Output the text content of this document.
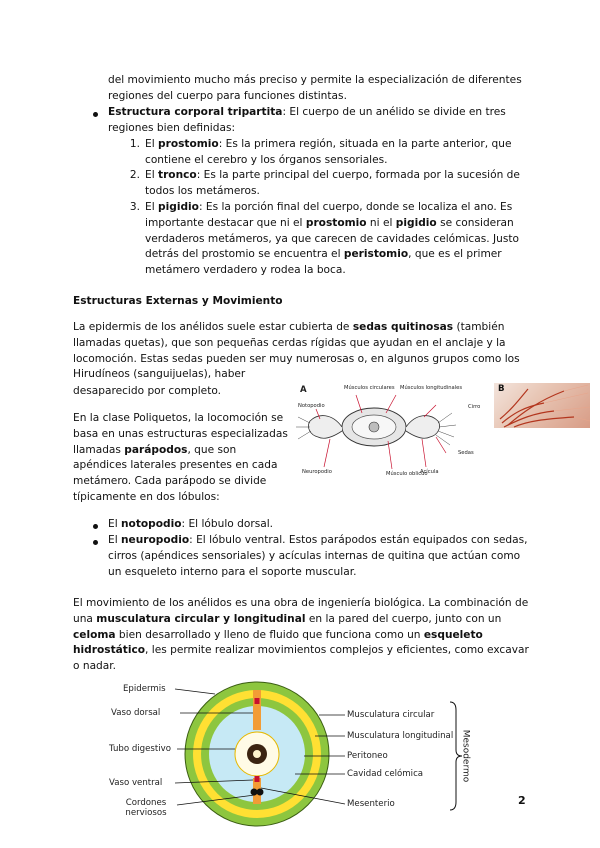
del movimiento mucho más preciso y permite la especialización de diferentes regiones del cuerpo para funciones distintas.

Estructura corporal tripartita: El cuerpo de un anélido se divide en tres regiones bien definidas:

1. El prostomio: Es la primera región, situada en la parte anterior, que contiene el cerebro y los órganos sensoriales.

2. El tronco: Es la parte principal del cuerpo, formada por la sucesión de todos los metámeros.

3. El pigidio: Es la porción final del cuerpo, donde se localiza el ano. Es importante destacar que ni el prostomio ni el pigidio se consideran verdaderos metámeros, ya que carecen de cavidades celómicas. Justo detrás del prostomio se encuentra el peristomio, que es el primer metámero verdadero y rodea la boca.

Estructuras Externas y Movimiento

La epidermis de los anélidos suele estar cubierta de sedas quitinosas (también llamadas quetas), que son pequeñas cerdas rígidas que ayudan en el anclaje y la locomoción. Estas sedas pueden ser muy numerosas o, en algunos grupos como los Hirudíneos (sanguijuelas), haber

desaparecido por completo.

En la clase Poliquetos, la locomoción se basa en unas estructuras especializadas llamadas parápodos, que son apéndices laterales presentes en cada metámero. Cada parápodo se divide típicamente en dos lóbulos:

A	Músculos circulares Músculos longitudinales
Cirro
Notopodio
Neuropodio
Sedas
Acícula
Músculo oblicuo
B

El notopodio: El lóbulo dorsal.

El neuropodio: El lóbulo ventral. Estos parápodos están equipados con sedas, cirros (apéndices sensoriales) y acículas internas de quitina que actúan como un esqueleto interno para el soporte muscular.

El movimiento de los anélidos es una obra de ingeniería biológica. La combinación de una musculatura circular y longitudinal en la pared del cuerpo, junto con un celoma bien desarrollado y lleno de fluido que funciona como un esqueleto hidrostático, les permite realizar movimientos complejos y eficientes, como excavar o nadar.

Epidermis
Vaso dorsal
Tubo digestivo
Vaso ventral
Cordones nerviosos
Musculatura circular
Musculatura longitudinal
Peritoneo
Cavidad celómica
Mesenterio
Mesodermo
2
